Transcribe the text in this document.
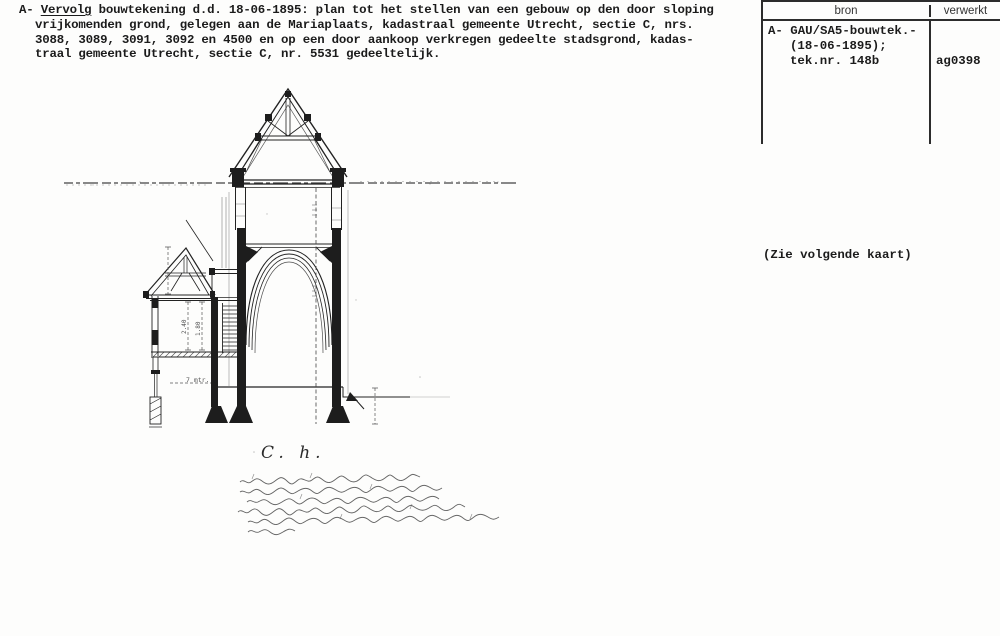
2.40 1.80
7 mtr.
A- Vervolg bouwtekening d.d. 18-06-1895: plan tot het stellen van een gebouw op den door sloping
vrijkomenden grond, gelegen aan de Mariaplaats, kadastraal gemeente Utrecht, sectie C, nrs.
3088, 3089, 3091, 3092 en 4500 en op een door aankoop verkregen gedeelte stadsgrond, kadas-
traal gemeente Utrecht, sectie C, nr. 5531 gedeeltelijk.
bron	verwerkt
A- GAU/SA5-bouwtek.-
(18-06-1895);
tek.nr. 148b	ag0398
(Zie volgende kaart)
C. h.
